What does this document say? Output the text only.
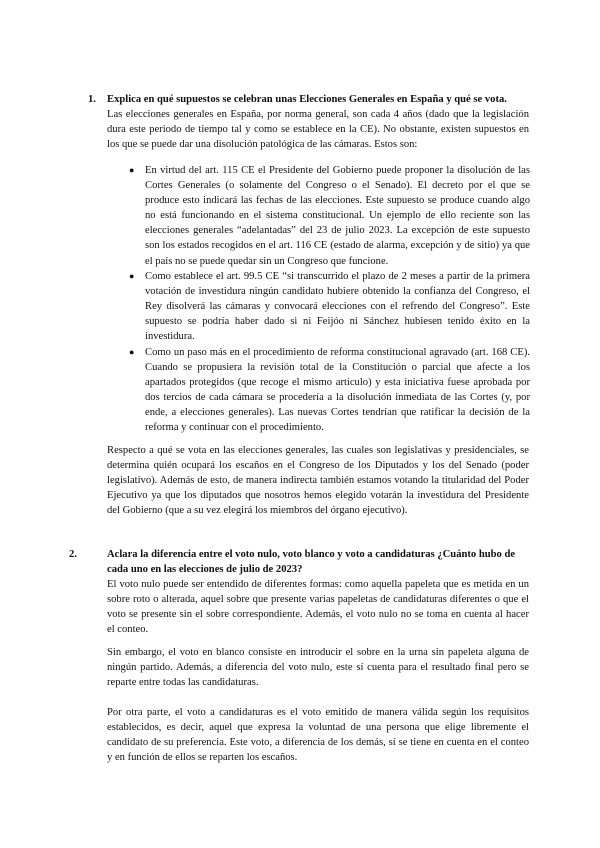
1. Explica en qué supuestos se celebran unas Elecciones Generales en España y qué se vota.

Las elecciones generales en España, por norma general, son cada 4 años (dado que la legislación dura este periodo de tiempo tal y como se establece en la CE). No obstante, existen supuestos en los que se puede dar una disolución patológica de las cámaras. Estos son:

● En virtud del art. 115 CE el Presidente del Gobierno puede proponer la disolución de las Cortes Generales (o solamente del Congreso o el Senado). El decreto por el que se produce esto indicará las fechas de las elecciones. Este supuesto se produce cuando algo no está funcionando en el sistema constitucional. Un ejemplo de ello reciente son las elecciones generales “adelantadas” del 23 de julio 2023. La excepción de este supuesto son los estados recogidos en el art. 116 CE (estado de alarma, excepción y de sitio) ya que el país no se puede quedar sin un Congreso que funcione.
● Como establece el art. 99.5 CE “si transcurrido el plazo de 2 meses a partir de la primera votación de investidura ningún candidato hubiere obtenido la confianza del Congreso, el Rey disolverá las cámaras y convocará elecciones con el refrendo del Congreso”. Este supuesto se podría haber dado si ni Feijóo ni Sánchez hubiesen tenido éxito en la investidura.
● Como un paso más en el procedimiento de reforma constitucional agravado (art. 168 CE). Cuando se propusiera la revisión total de la Constitución o parcial que afecte a los apartados protegidos (que recoge el mismo artículo) y esta iniciativa fuese aprobada por dos tercios de cada cámara se procedería a la disolución inmediata de las Cortes (y, por ende, a elecciones generales). Las nuevas Cortes tendrían que ratificar la decisión de la reforma y continuar con el procedimiento.

Respecto a qué se vota en las elecciones generales, las cuales son legislativas y presidenciales, se determina quién ocupará los escaños en el Congreso de los Diputados y los del Senado (poder legislativo). Además de esto, de manera indirecta también estamos votando la titularidad del Poder Ejecutivo ya que los diputados que nosotros hemos elegido votarán la investidura del Presidente del Gobierno (que a su vez elegirá los miembros del órgano ejecutivo).

2.	Aclara la diferencia entre el voto nulo, voto blanco y voto a candidaturas ¿Cuánto hubo de cada uno en las elecciones de julio de 2023?

El voto nulo puede ser entendido de diferentes formas: como aquella papeleta que es metida en un sobre roto o alterada, aquel sobre que presente varias papeletas de candidaturas diferentes o que el voto se presente sin el sobre correspondiente. Además, el voto nulo no se toma en cuenta al hacer el conteo.

Sin embargo, el voto en blanco consiste en introducir el sobre en la urna sin papeleta alguna de ningún partido. Además, a diferencia del voto nulo, este sí cuenta para el resultado final pero se reparte entre todas las candidaturas.

Por otra parte, el voto a candidaturas es el voto emitido de manera válida según los requisitos establecidos, es decir, aquel que expresa la voluntad de una persona que elige libremente el candidato de su preferencia. Este voto, a diferencia de los demás, sí se tiene en cuenta en el conteo y en función de ellos se reparten los escaños.
